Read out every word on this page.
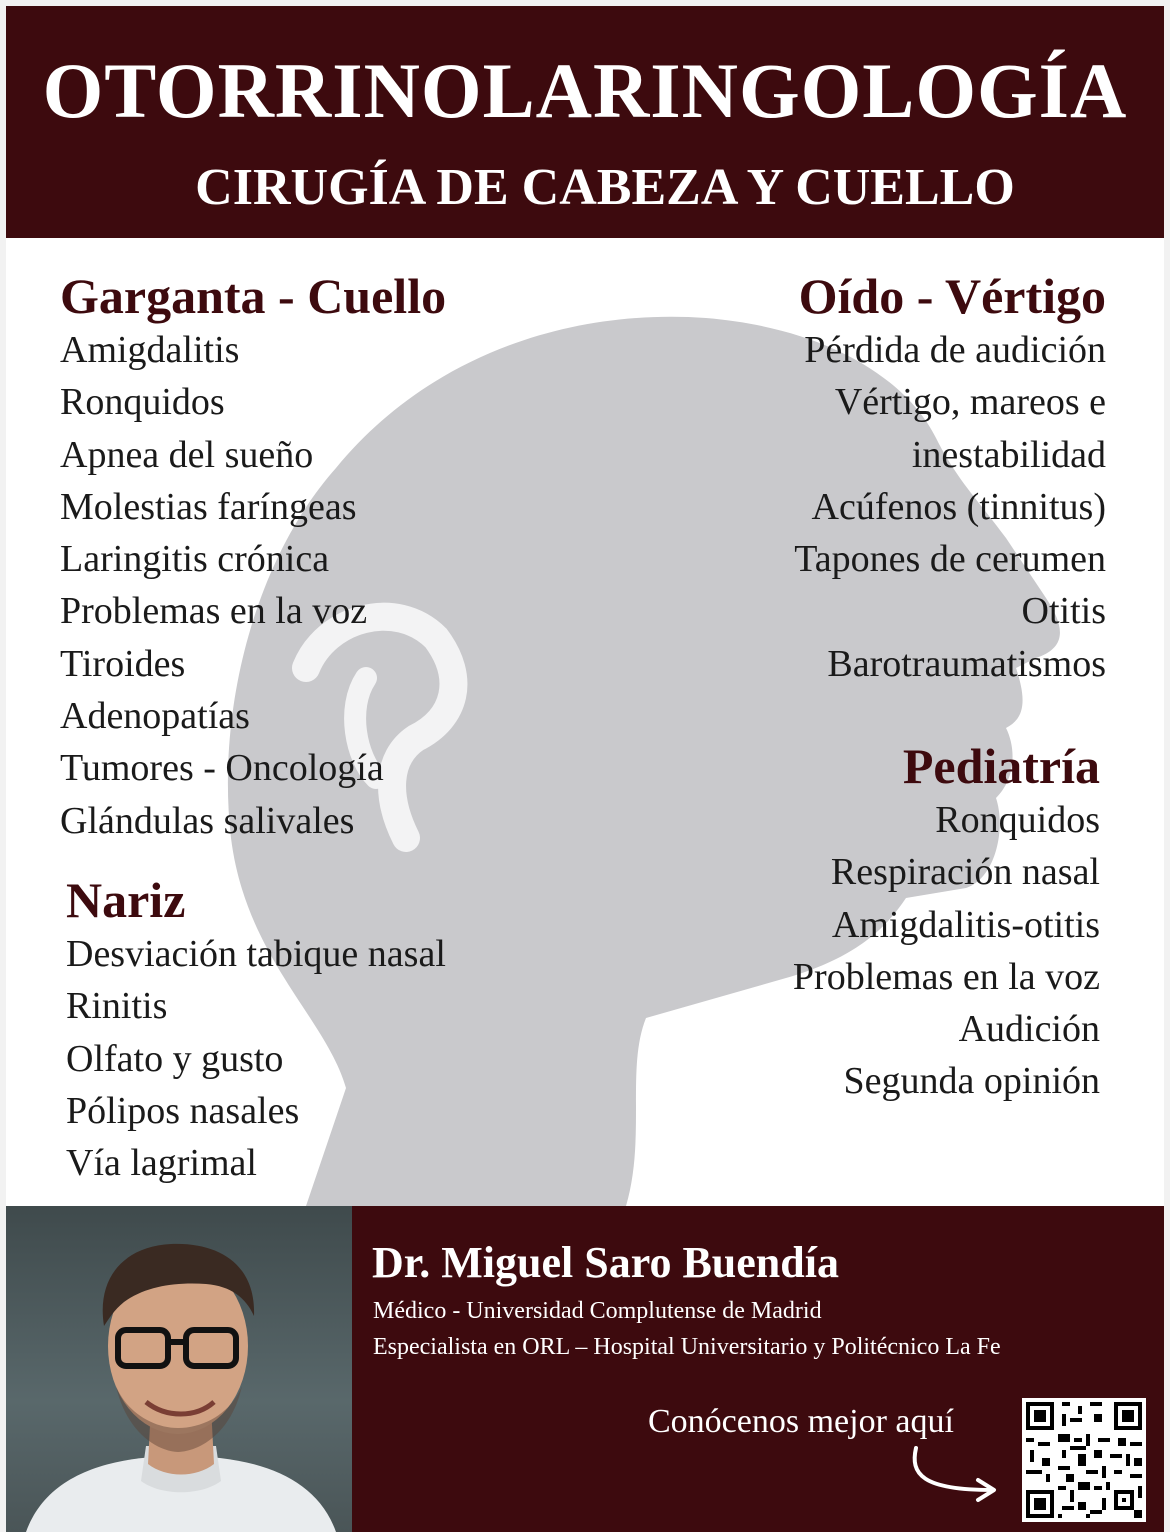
OTORRINOLARINGOLOGÍA
CIRUGÍA DE CABEZA Y CUELLO
Garganta - Cuello
Amigdalitis
Ronquidos
Apnea del sueño
Molestias faríngeas
Laringitis crónica
Problemas en la voz
Tiroides
Adenopatías
Tumores - Oncología
Glándulas salivales
Nariz
Desviación tabique nasal
Rinitis
Olfato y gusto
Pólipos nasales
Vía lagrimal
Oído - Vértigo
Pérdida de audición
Vértigo, mareos e
inestabilidad
Acúfenos (tinnitus)
Tapones de cerumen
Otitis
Barotraumatismos
Pediatría
Ronquidos
Respiración nasal
Amigdalitis-otitis
Problemas en la voz
Audición
Segunda opinión
Dr. Miguel Saro Buendía
Médico - Universidad Complutense de Madrid
Especialista en ORL – Hospital Universitario y Politécnico La Fe
Conócenos mejor aquí
